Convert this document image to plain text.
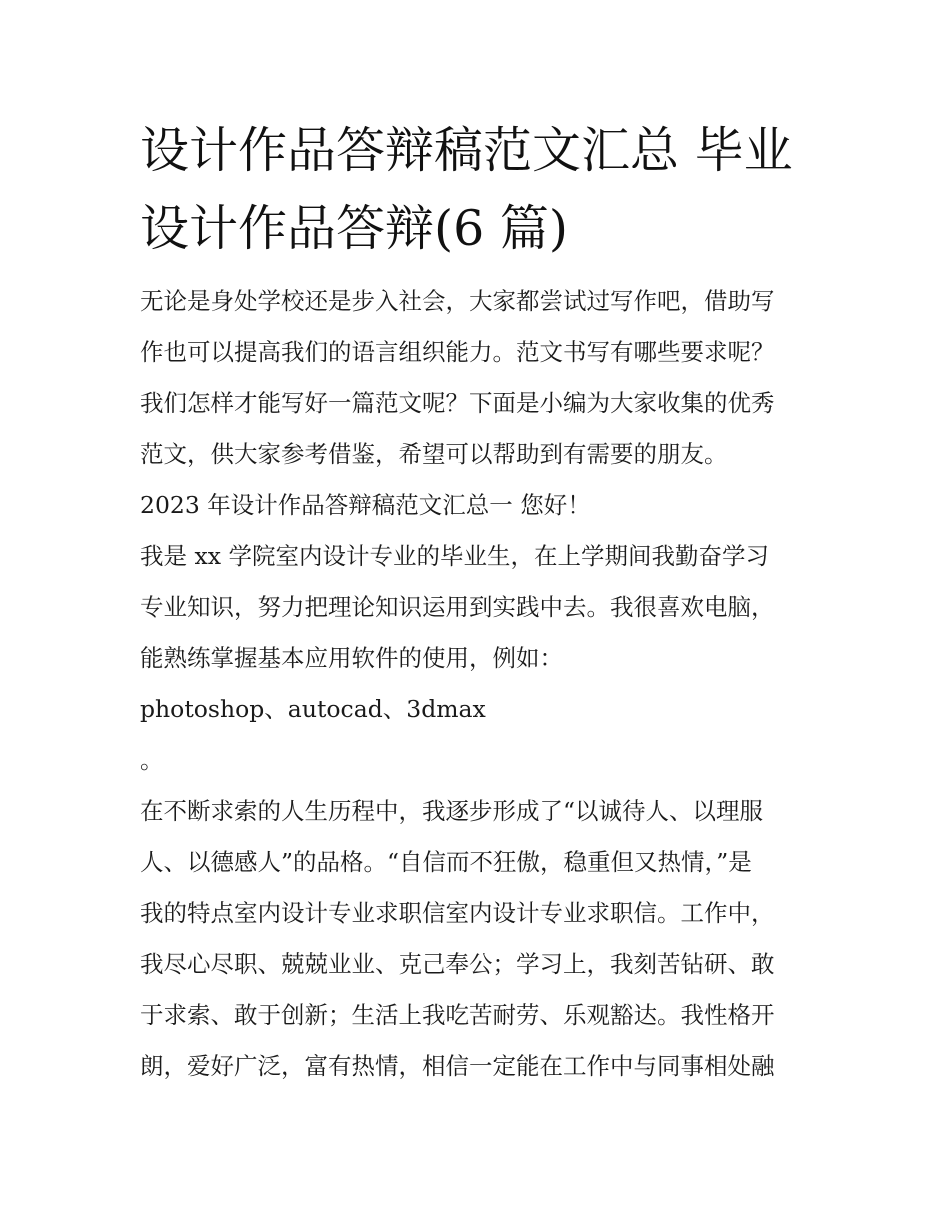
设计作品答辩稿范文汇总 毕业
设计作品答辩(6 篇)
无论是身处学校还是步入社会，大家都尝试过写作吧，借助写
作也可以提高我们的语言组织能力。范文书写有哪些要求呢？
我们怎样才能写好一篇范文呢？下面是小编为大家收集的优秀
范文，供大家参考借鉴，希望可以帮助到有需要的朋友。
2023 年设计作品答辩稿范文汇总一 您好！
我是 xx 学院室内设计专业的毕业生，在上学期间我勤奋学习
专业知识，努力把理论知识运用到实践中去。我很喜欢电脑，
能熟练掌握基本应用软件的使用，例如：
photoshop、autocad、3dmax
。
在不断求索的人生历程中，我逐步形成了“以诚待人、以理服
人、以德感人”的品格。“自信而不狂傲，稳重但又热情，”是
我的特点室内设计专业求职信室内设计专业求职信。工作中，
我尽心尽职、兢兢业业、克己奉公；学习上，我刻苦钻研、敢
于求索、敢于创新；生活上我吃苦耐劳、乐观豁达。我性格开
朗，爱好广泛，富有热情，相信一定能在工作中与同事相处融
